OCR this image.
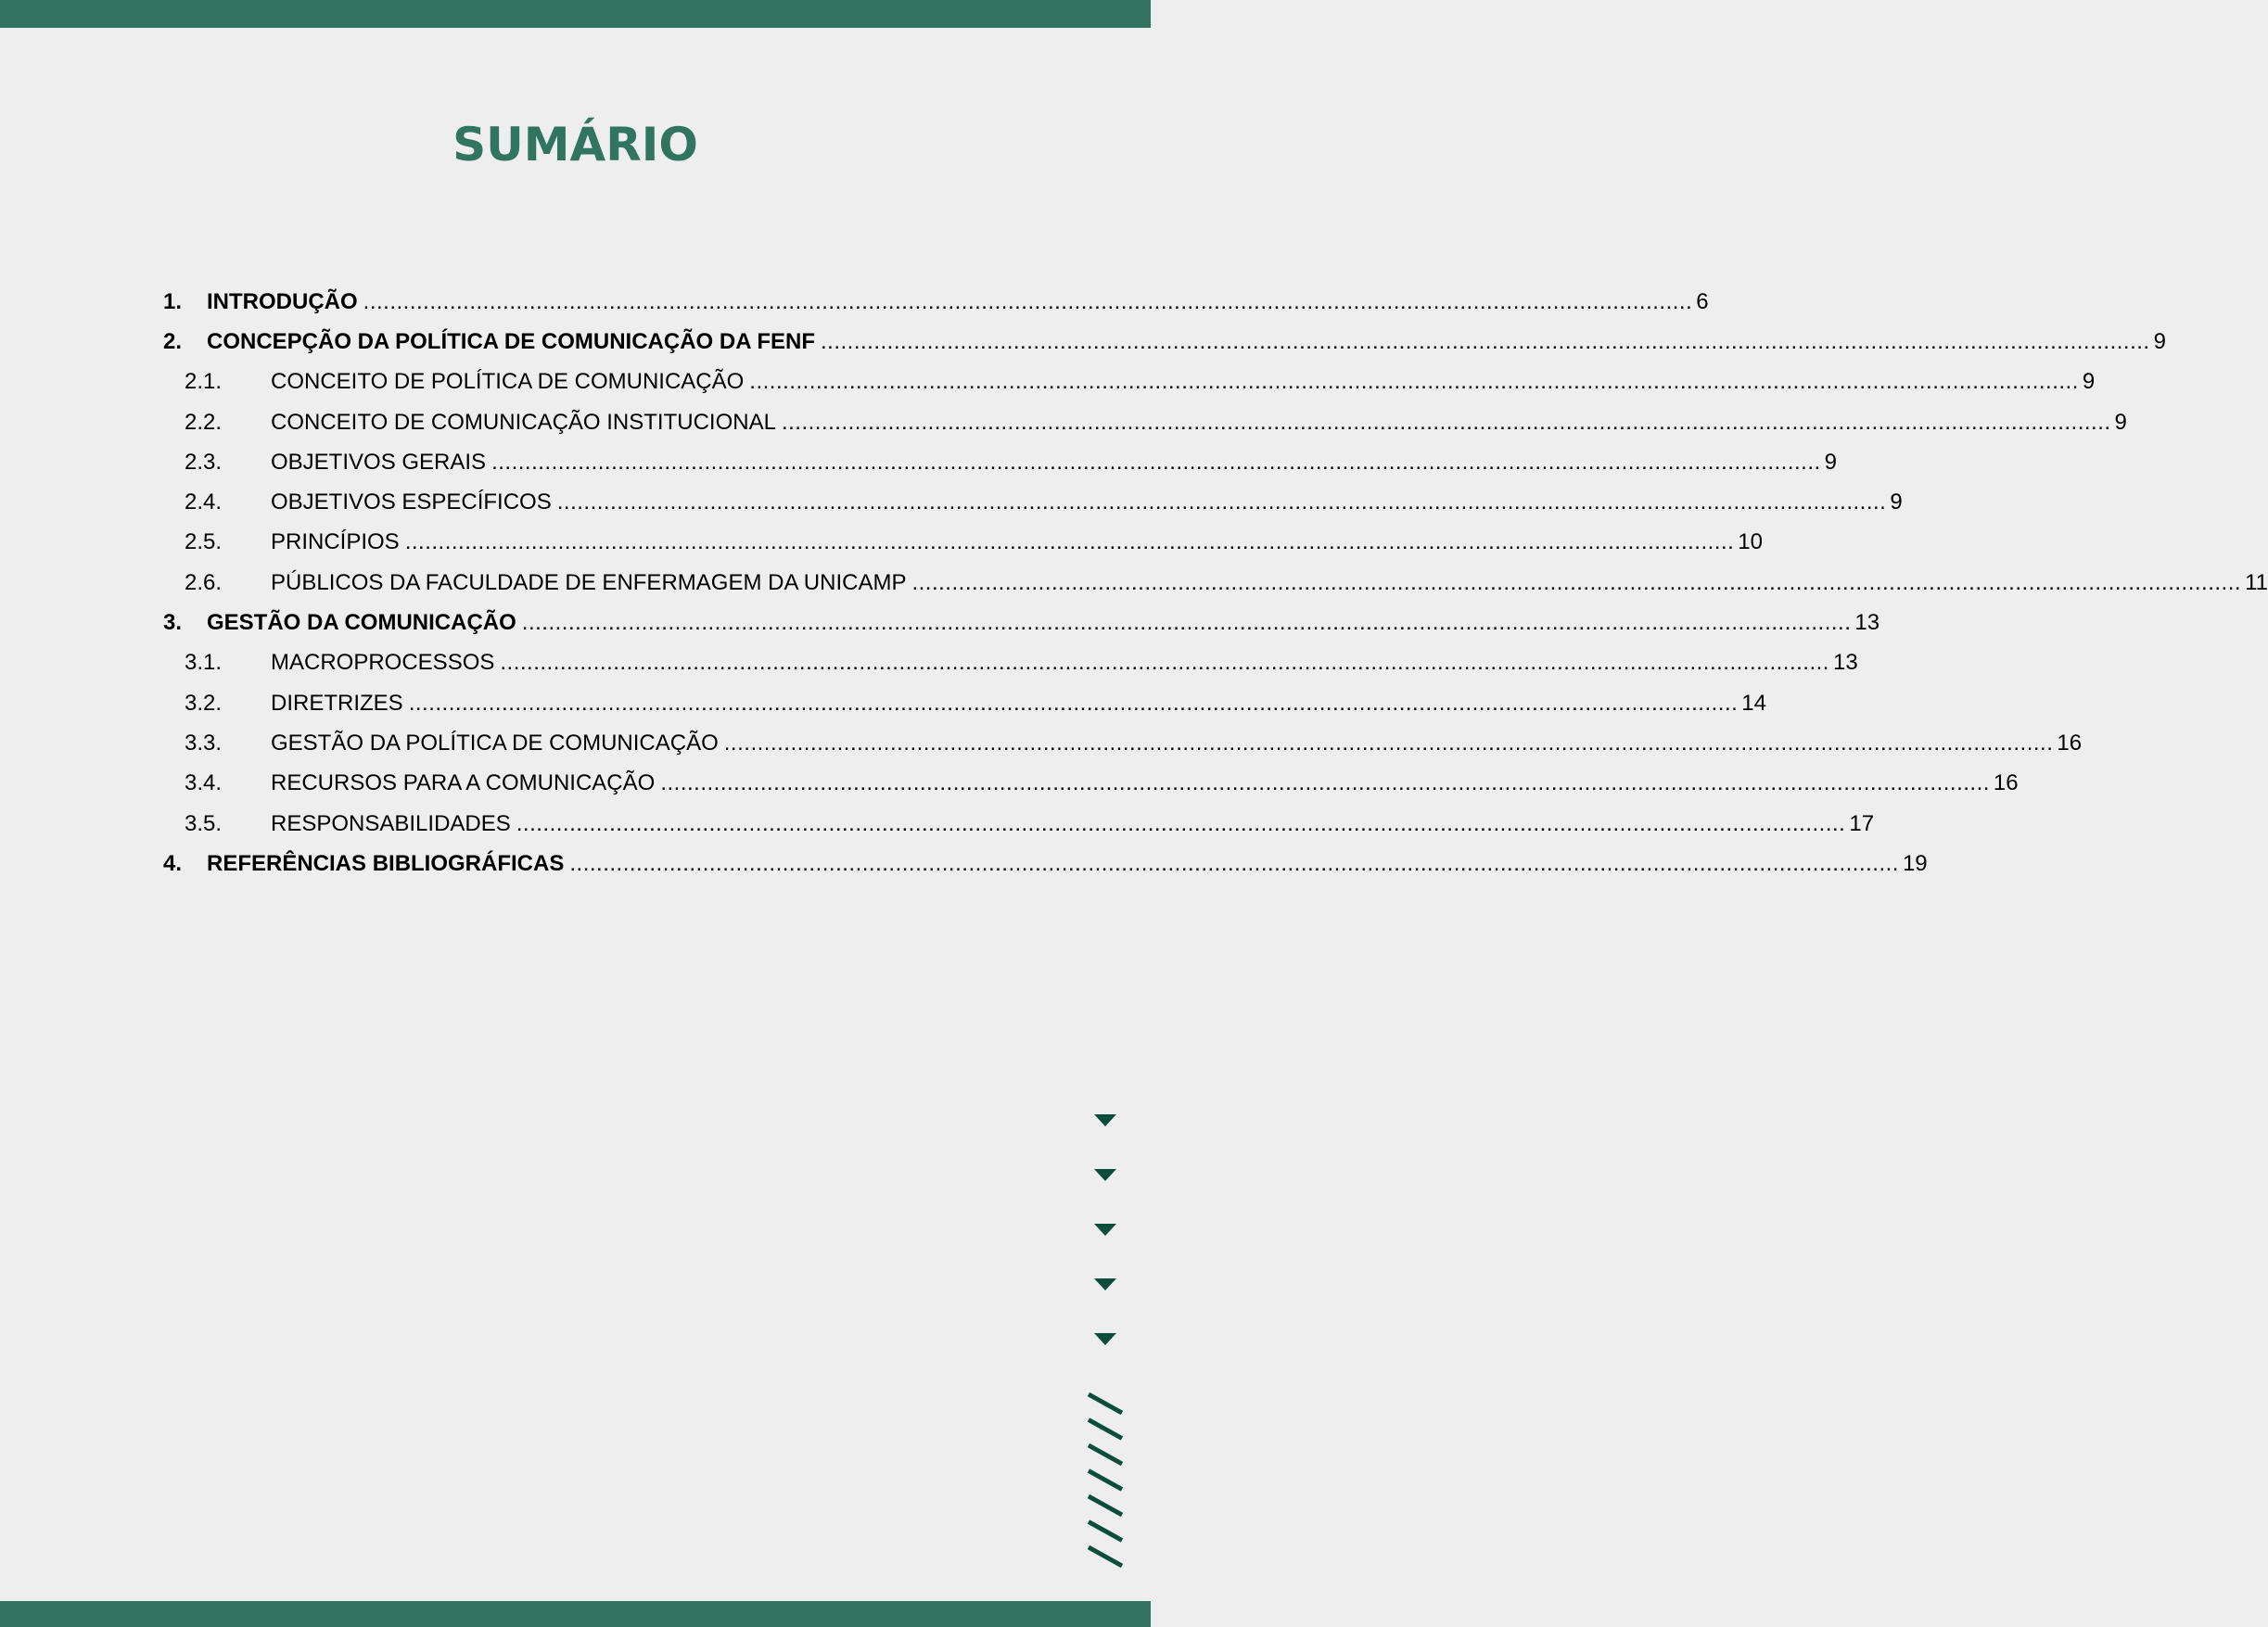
SUMÁRIO
1.	INTRODUÇÃO ........................................................................................................................................................................................................ 6
2.	CONCEPÇÃO DA POLÍTICA DE COMUNICAÇÃO DA FENF ........................................................................................................................................................................................................ 9
2.1.	CONCEITO DE POLÍTICA DE COMUNICAÇÃO ........................................................................................................................................................................................................ 9
2.2.	CONCEITO DE COMUNICAÇÃO INSTITUCIONAL ........................................................................................................................................................................................................ 9
2.3.	OBJETIVOS GERAIS ........................................................................................................................................................................................................ 9
2.4.	OBJETIVOS ESPECÍFICOS ........................................................................................................................................................................................................ 9
2.5.	PRINCÍPIOS ........................................................................................................................................................................................................ 10
2.6.	PÚBLICOS DA FACULDADE DE ENFERMAGEM DA UNICAMP ........................................................................................................................................................................................................ 11
3.	GESTÃO DA COMUNICAÇÃO ........................................................................................................................................................................................................ 13
3.1.	MACROPROCESSOS ........................................................................................................................................................................................................ 13
3.2.	DIRETRIZES ........................................................................................................................................................................................................ 14
3.3.	GESTÃO DA POLÍTICA DE COMUNICAÇÃO ........................................................................................................................................................................................................ 16
3.4.	RECURSOS PARA A COMUNICAÇÃO ........................................................................................................................................................................................................ 16
3.5.	RESPONSABILIDADES ........................................................................................................................................................................................................ 17
4.	REFERÊNCIAS BIBLIOGRÁFICAS ........................................................................................................................................................................................................ 19
